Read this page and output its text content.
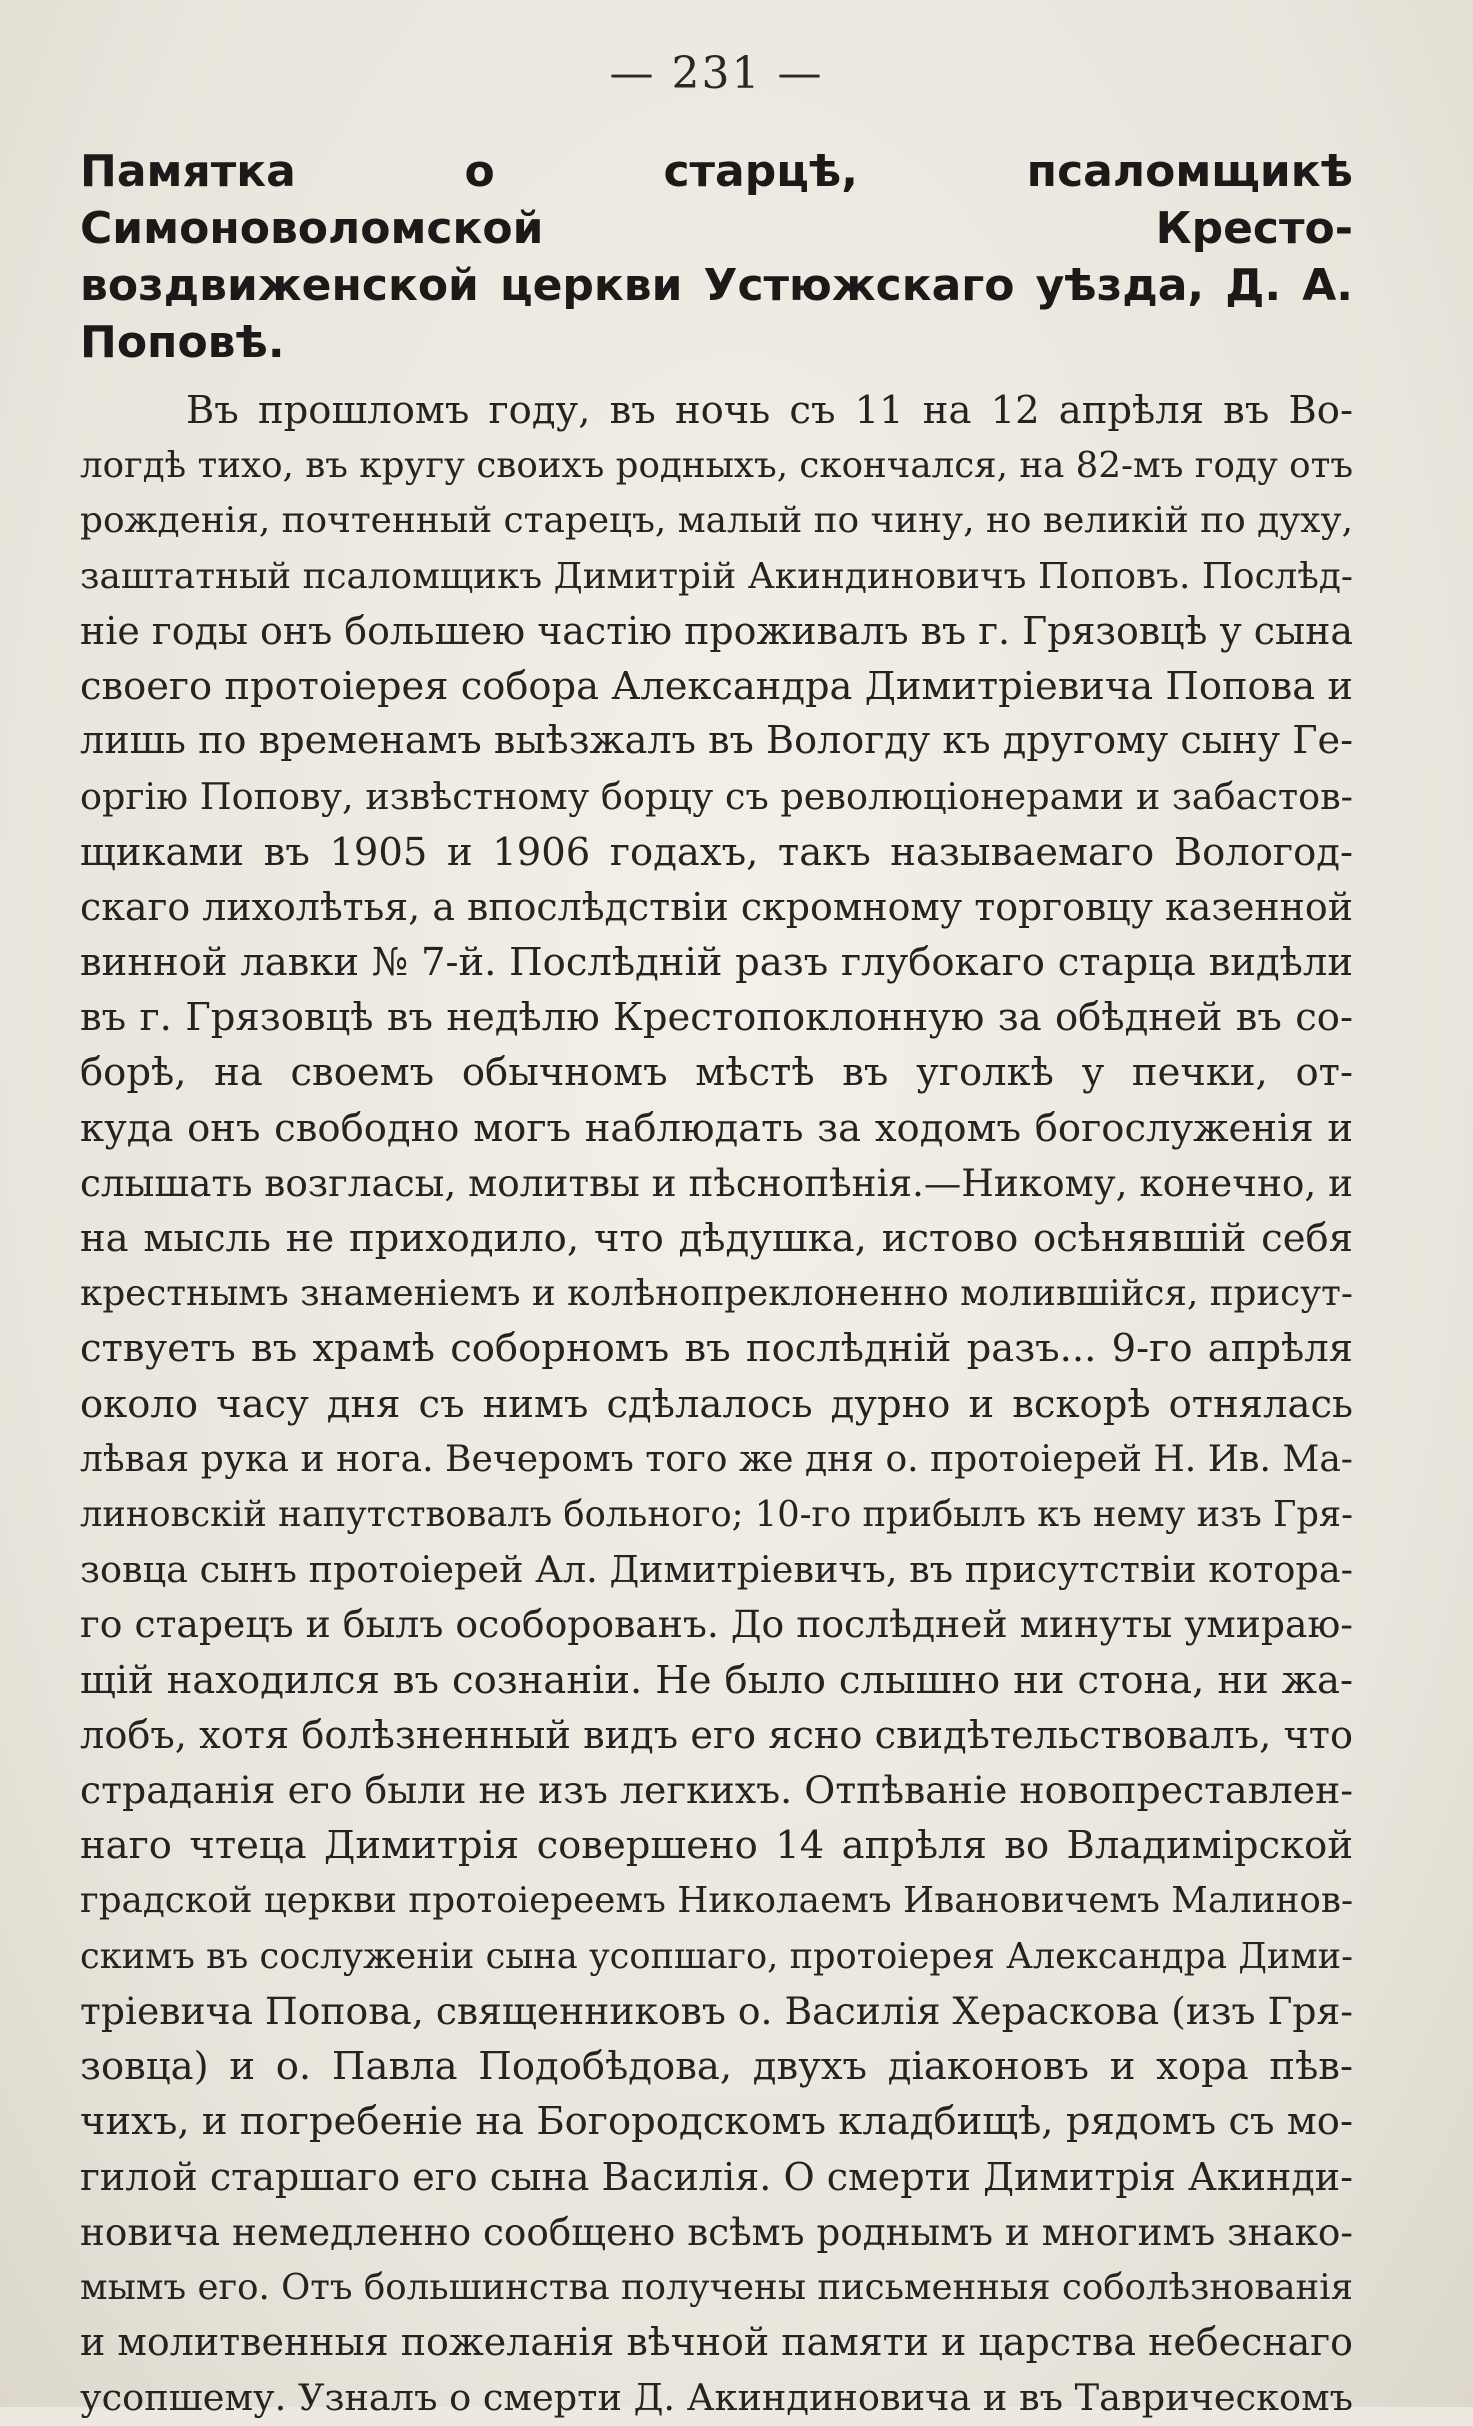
— 231 —
Памятка о старцѣ, псаломщикѣ Симоноволомской Кресто-
воздвиженской церкви Устюжскаго уѣзда, Д. А. Поповѣ.
Въ прошломъ году, въ ночь съ 11 на 12 апрѣля въ Во-
логдѣ тихо, въ кругу своихъ родныхъ, скончался, на 82-мъ году отъ
рожденія, почтенный старецъ, малый по чину, но великій по духу,
заштатный псаломщикъ Димитрій Акиндиновичъ Поповъ. Послѣд-
ніе годы онъ большею частію проживалъ въ г. Грязовцѣ у сына
своего протоіерея собора Александра Димитріевича Попова и
лишь по временамъ выѣзжалъ въ Вологду къ другому сыну Ге-
оргію Попову, извѣстному борцу съ революціонерами и забастов-
щиками въ 1905 и 1906 годахъ, такъ называемаго Вологод-
скаго лихолѣтья, а впослѣдствіи скромному торговцу казенной
винной лавки № 7-й. Послѣдній разъ глубокаго старца видѣли
въ г. Грязовцѣ въ недѣлю Крестопоклонную за обѣдней въ со-
борѣ, на своемъ обычномъ мѣстѣ въ уголкѣ у печки, от-
куда онъ свободно могъ наблюдать за ходомъ богослуженія и
слышать возгласы, молитвы и пѣснопѣнія.—Никому, конечно, и
на мысль не приходило, что дѣдушка, истово осѣнявшій себя
крестнымъ знаменіемъ и колѣнопреклоненно молившійся, присут-
ствуетъ въ храмѣ соборномъ въ послѣдній разъ... 9-го апрѣля
около часу дня съ нимъ сдѣлалось дурно и вскорѣ отнялась
лѣвая рука и нога. Вечеромъ того же дня о. протоіерей Н. Ив. Ма-
линовскій напутствовалъ больного; 10-го прибылъ къ нему изъ Гря-
зовца сынъ протоіерей Ал. Димитріевичъ, въ присутствіи котора-
го старецъ и былъ особорованъ. До послѣдней минуты умираю-
щій находился въ сознаніи. Не было слышно ни стона, ни жа-
лобъ, хотя болѣзненный видъ его ясно свидѣтельствовалъ, что
страданія его были не изъ легкихъ. Отпѣваніе новопреставлен-
наго чтеца Димитрія совершено 14 апрѣля во Владимірской
градской церкви протоіереемъ Николаемъ Ивановичемъ Малинов-
скимъ въ сослуженіи сына усопшаго, протоіерея Александра Дими-
тріевича Попова, священниковъ о. Василія Хераскова (изъ Гря-
зовца) и о. Павла Подобѣдова, двухъ діаконовъ и хора пѣв-
чихъ, и погребеніе на Богородскомъ кладбищѣ, рядомъ съ мо-
гилой старшаго его сына Василія. О смерти Димитрія Акинди-
новича немедленно сообщено всѣмъ роднымъ и многимъ знако-
мымъ его. Отъ большинства получены письменныя соболѣзнованія
и молитвенныя пожеланія вѣчной памяти и царства небеснаго
усопшему. Узналъ о смерти Д. Акиндиновича и въ Таврическомъ
